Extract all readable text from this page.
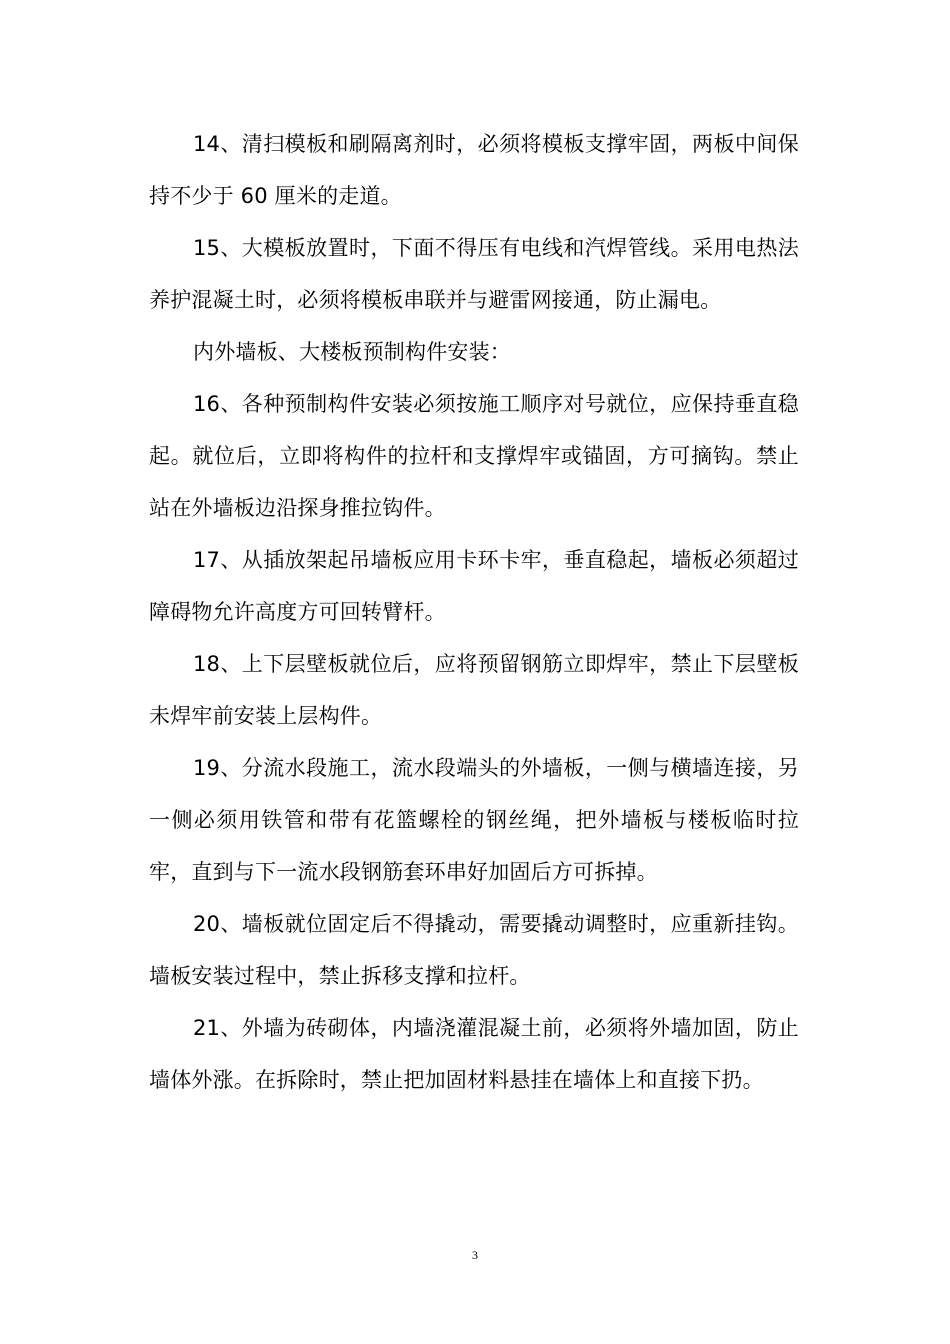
14、清扫模板和刷隔离剂时，必须将模板支撑牢固，两板中间保持不少于 60 厘米的走道。

15、大模板放置时，下面不得压有电线和汽焊管线。采用电热法养护混凝土时，必须将模板串联并与避雷网接通，防止漏电。

内外墙板、大楼板预制构件安装：

16、各种预制构件安装必须按施工顺序对号就位，应保持垂直稳起。就位后，立即将构件的拉杆和支撑焊牢或锚固，方可摘钩。禁止站在外墙板边沿探身推拉钩件。

17、从插放架起吊墙板应用卡环卡牢，垂直稳起，墙板必须超过障碍物允许高度方可回转臂杆。

18、上下层壁板就位后，应将预留钢筋立即焊牢，禁止下层壁板未焊牢前安装上层构件。

19、分流水段施工，流水段端头的外墙板，一侧与横墙连接，另一侧必须用铁管和带有花篮螺栓的钢丝绳，把外墙板与楼板临时拉牢，直到与下一流水段钢筋套环串好加固后方可拆掉。

20、墙板就位固定后不得撬动，需要撬动调整时，应重新挂钩。墙板安装过程中，禁止拆移支撑和拉杆。

21、外墙为砖砌体，内墙浇灌混凝土前，必须将外墙加固，防止墙体外涨。在拆除时，禁止把加固材料悬挂在墙体上和直接下扔。

3
